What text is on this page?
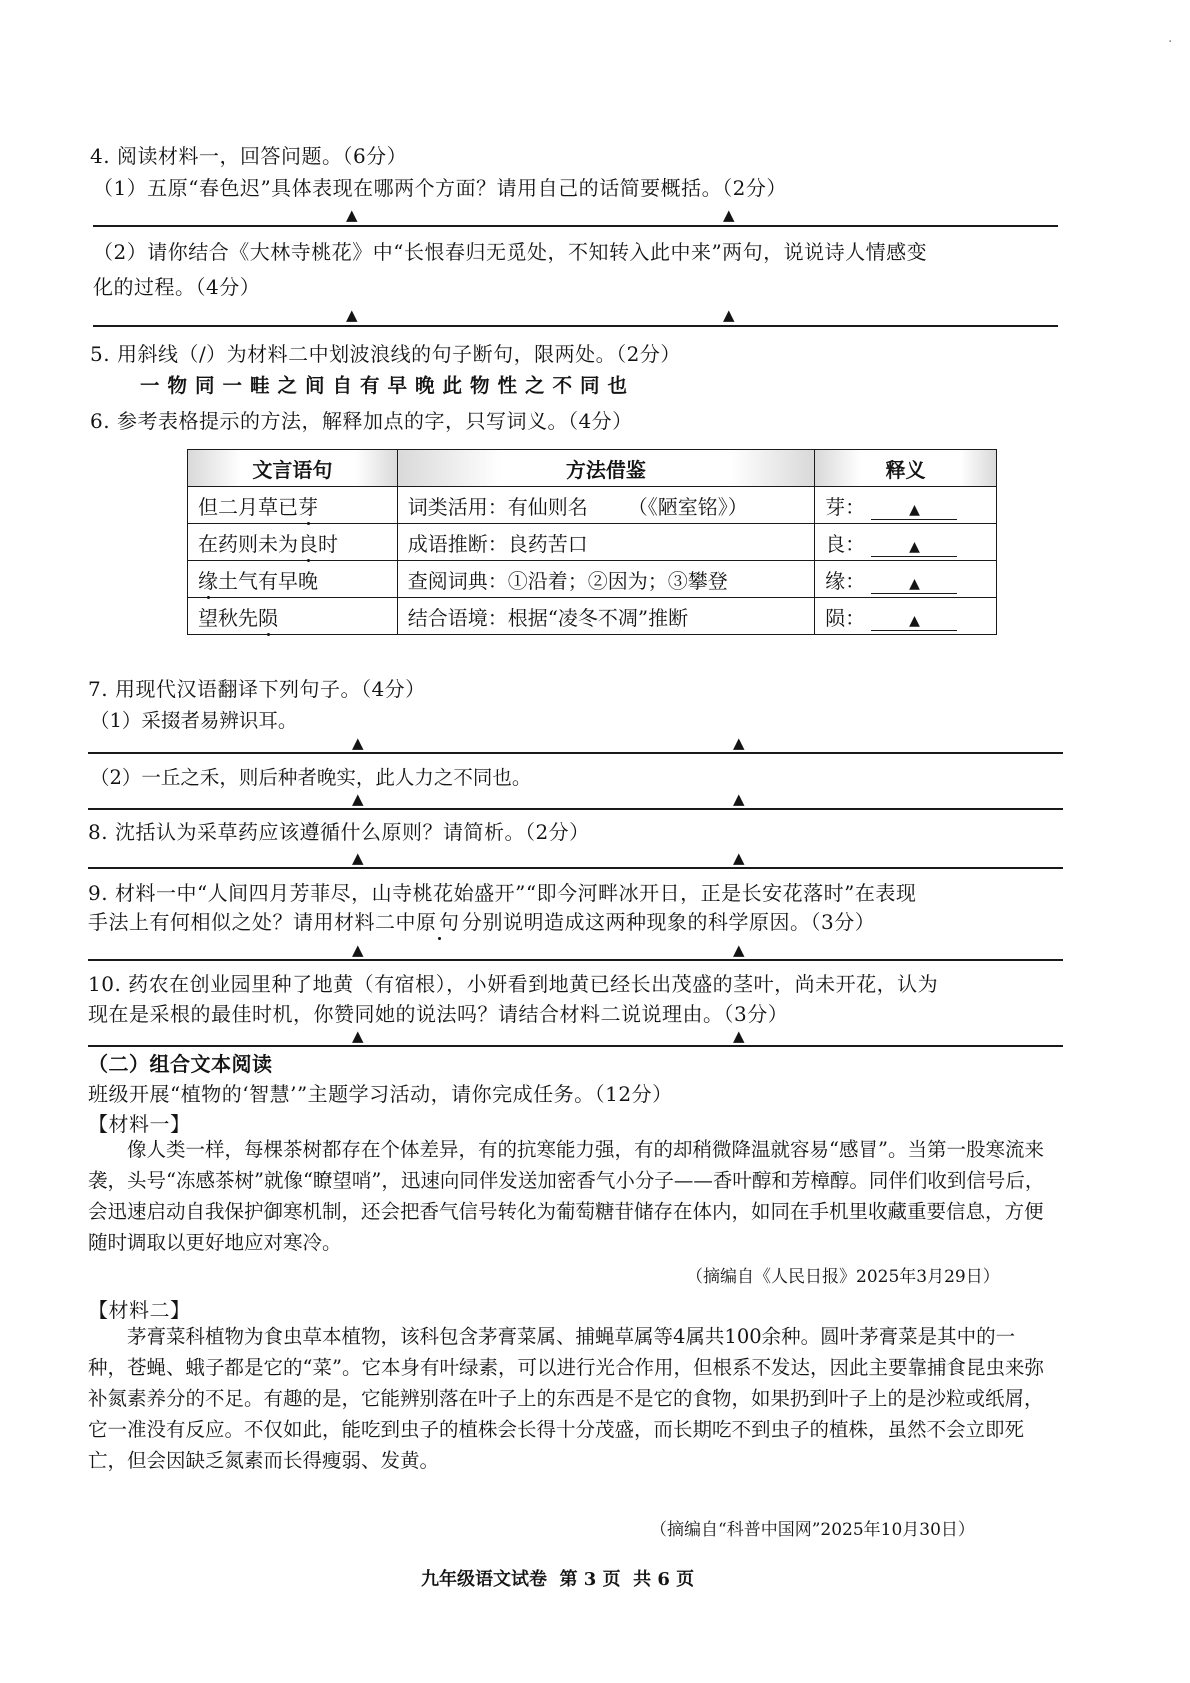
·
4. 阅读材料一，回答问题。（6分）
（1）五原“春色迟”具体表现在哪两个方面？请用自己的话简要概括。（2分）
▲	▲
（2）请你结合《大林寺桃花》中“长恨春归无觅处，不知转入此中来”两句，说说诗人情感变
化的过程。（4分）
▲	▲
5. 用斜线（/）为材料二中划波浪线的句子断句，限两处。（2分）
一物同一畦之间自有早晚此物性之不同也
6. 参考表格提示的方法，解释加点的字，只写词义。（4分）
文言语句	方法借鉴	释义
但二月草已芽	词类活用：有仙则名 （《陋室铭》）	芽： ▲
在药则未为良时	成语推断：良药苦口	良： ▲
缘土气有早晚	查阅词典：①沿着；②因为；③攀登	缘： ▲
望秋先陨	结合语境：根据“凌冬不凋”推断	陨： ▲
7. 用现代汉语翻译下列句子。（4分）
（1）采掇者易辨识耳。
▲	▲
（2）一丘之禾，则后种者晚实，此人力之不同也。
▲	▲
8. 沈括认为采草药应该遵循什么原则？请简析。（2分）
▲	▲
9. 材料一中“人间四月芳菲尽，山寺桃花始盛开”“即今河畔冰开日，正是长安花落时”在表现
手法上有何相似之处？请用材料二中原句分别说明造成这两种现象的科学原因。（3分）
▲	▲
10. 药农在创业园里种了地黄（有宿根），小妍看到地黄已经长出茂盛的茎叶，尚未开花，认为
现在是采根的最佳时机，你赞同她的说法吗？请结合材料二说说理由。（3分）
▲	▲
（二）组合文本阅读
班级开展“植物的‘智慧’”主题学习活动，请你完成任务。（12分）
【材料一】

像人类一样，每棵茶树都存在个体差异，有的抗寒能力强，有的却稍微降温就容易“感冒”。当第一股寒流来袭，头号“冻感茶树”就像“瞭望哨”，迅速向同伴发送加密香气小分子——香叶醇和芳樟醇。同伴们收到信号后，会迅速启动自我保护御寒机制，还会把香气信号转化为葡萄糖苷储存在体内，如同在手机里收藏重要信息，方便随时调取以更好地应对寒冷。

（摘编自《人民日报》2025年3月29日）
【材料二】

茅膏菜科植物为食虫草本植物，该科包含茅膏菜属、捕蝇草属等4属共100余种。圆叶茅膏菜是其中的一种，苍蝇、蛾子都是它的“菜”。它本身有叶绿素，可以进行光合作用，但根系不发达，因此主要靠捕食昆虫来弥补氮素养分的不足。有趣的是，它能辨别落在叶子上的东西是不是它的食物，如果扔到叶子上的是沙粒或纸屑，它一准没有反应。不仅如此，能吃到虫子的植株会长得十分茂盛，而长期吃不到虫子的植株，虽然不会立即死亡，但会因缺乏氮素而长得瘦弱、发黄。

（摘编自“科普中国网”2025年10月30日）
九年级语文试卷  第 3 页  共 6 页
